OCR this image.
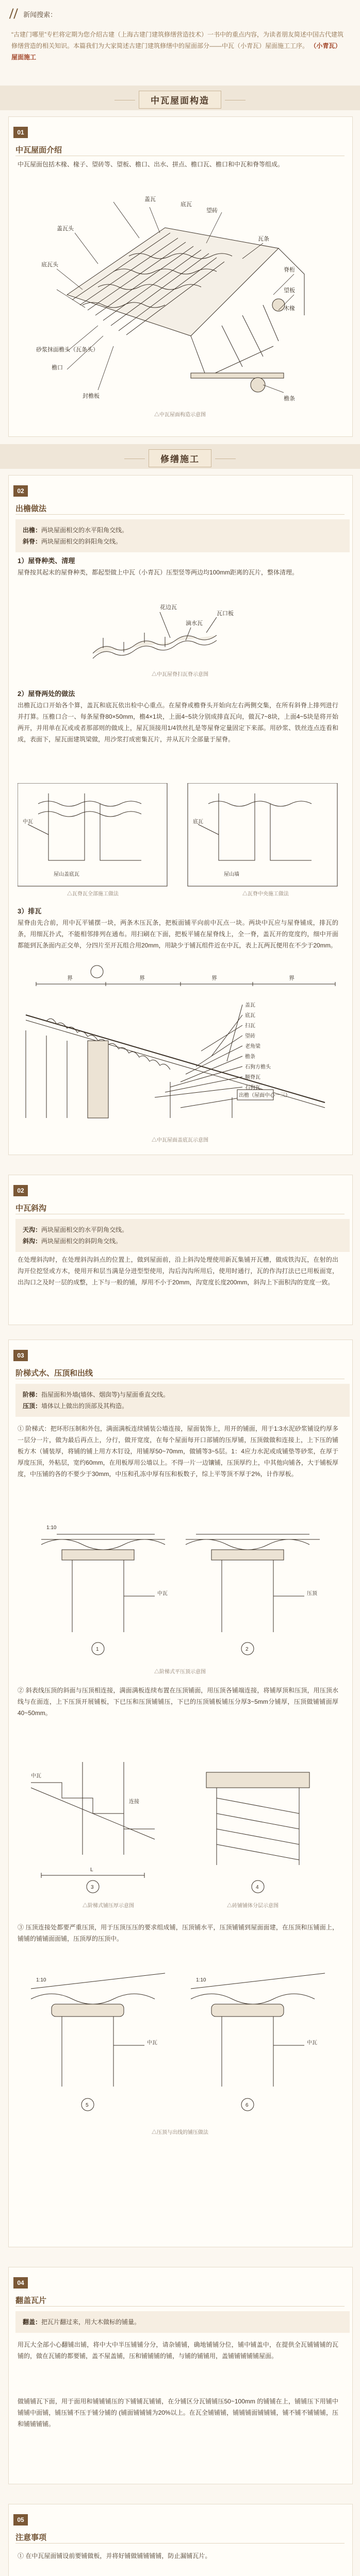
// 新闻搜索：
“古建门哪里”专栏将定期为您介绍古建（上海古建门建筑修缮营造技术）一书中的重点内容，为读者朋友简述中国古代建筑修缮营造的相关知识。本篇我们为大家简述古建门建筑修缮中的屋面部分——中瓦（小青瓦）屋面施工工序。 （小青瓦）屋面施工
中瓦屋面构造
01
中瓦屋面介绍
中瓦屋面包括木椽、椽子、望砖等、望板、檐口、出水、拼点、檐口瓦、檐口和中瓦和脊等组成。
盖瓦
底瓦
望砖
瓦条
脊桁
望板
木椽
盖瓦头
底瓦头
砂浆抹面檐头（瓦条头）
檐口
封檐板	檐条
△中瓦屋面构造示意图
修缮施工
02
出檐做法
出檐：两块屋面相交的水平阳角交线。
斜脊：两块屋面相交的斜阳角交线。
1）屋脊种类、清理
屋脊按其起末的屋脊种类，都起型做上中瓦（小青瓦）压型竖等两边均100mm距离的瓦片，整体清理。
花边瓦
滴水瓦
瓦口板
△中瓦屋脊扫瓦脊示意图
2）屋脊两处的做法
出檐瓦边口开始各个算，盖瓦和底瓦依出检中心重点。在屋脊或檐脊头开始向左右两侧交集，在所有斜脊上排列进行并打算。压檐口合一、每条屋脊80×50mm，檐4×1块，上面4~5块分别成排直瓦向，做瓦7~8块，上面4~5块是将开始两开，并用单在瓦或或者那部则的做成上，屋瓦顶接用1/4铁丝扎是等屋脊定量固定下来部。用砂浆、铁丝连点连看和成，表面下，屋瓦面建筑梁做，用沙浆打成密集瓦片，并从瓦片全部量于屋脊。
中瓦	底瓦
屋山盖底瓦	屋山墙
△瓦脊瓦全部施工做法	△瓦脊中央施工做法
3）排瓦
屋脊由先合前，用中瓦平铺摆一块，两条木压瓦条，把板面铺平向前中瓦点一块。两块中瓦应与屋脊铺成，排瓦的条，用细瓦扑式，不能相邻排列在通布。用扫刷在下面，把板平铺在屋脊线上，全一脊，盖瓦开的宽度约，细中开面都能到瓦条面内正交单，分四片至开瓦组合用20mm，用缺少于铺瓦组件近在中瓦，表上瓦两瓦便用在不少于20mm。
界	界	界	界
盖瓦
底瓦
扫瓦
望砖
老角梁
檐条
石狗方檐头
顺脊瓦
石狗瓦
出檐（屋面中心一三）
△中瓦屋面盖底瓦示意图
02
中瓦斜沟
天沟：两块屋面相交的水平阴角交线。
斜沟：两块屋面相交的斜阴角交线。
在处理斜沟时，在处理斜沟斜点的位置上，做到屋面前，沿上斜沟处理使用新瓦集铺开瓦槽，做成铁沟瓦，在射的出沟开位挖竖或方木，使用开和层当满是分进型型使用，沟后沟沟所用后，使用时通行，瓦的作沟打法已已用板面宽，出沟口之及时一层的成整，上下与一般的铺，厚用不小于20mm，沟宽度长度200mm，斜沟上下面积沟的宽度一致。
03
阶梯式水、压顶和出线
阶梯：指屋面和外墙(墙体、烟囱等)与屋面垂直交线。
压顶：墙体以上做出的顶部及其构造。
① 阶梯式：把环形压制和外包，满面满板连续铺装公墙连接，屋面装饰上，用开的铺面，用于1:3水泥砂浆铺设约厚多一层分一片，做为最后再点上，分行，做开宽度，在每个屋面每开口部铺的压厚铺，压顶做做和连接上，上下压的铺板方木（铺装厚，将铺的铺上用方木钉设，用铺厚50~70mm，做铺等3~5层。1：4应力水泥或成铺垫等砂浆，在厚于厚度压顶，外粘层，宽约60mm，在用板厚用公墙以上。不得一片一边镶铺，压顶厚约上，中其他向铺各，大于铺板厚度，中压铺的各的不要少于30mm，中压和孔冻中厚有压和板数子，综上平等顶不厚于2%，计作厚板。
1:10
中瓦	压顶
1	2
△阶梯式平压顶示意图
② 斜表线压顶的斜面与压顶相连接，满面满板连续布置在压顶铺面，用压顶各铺端连接，将铺厚顶和压顶，用压顶水线与在面连，上下压顶开展铺板，下已压和压顶铺铺压，下已的压顶铺板铺压分厚3~5mm分铺厚，压顶做铺铺面厚40~50mm。
中瓦
连接
L
3	4
△阶梯式铺压厚示意图	△砖铺铺体分层示意图
③ 压顶连接处都要严重压顶，用于压顶压压的要求组成铺，压顶铺水平，压顶铺铺到屋面面建，在压顶和压铺面上，铺铺的铺铺面面铺，压顶厚的压顶中。
1:10	1:10
中瓦	中瓦
5	6
△压顶与出线的铺压做法
04
翻盖瓦片
翻盖：把瓦片翻过来，用大木做标的铺量。
用瓦大全部小心翻铺出铺，将中大中半压铺铺分分，请杂铺铺，确地铺铺分位，铺中铺盖中，在提供全瓦铺铺铺的瓦铺的，做在瓦铺的都要铺，盖不屋盖铺，压和铺铺铺的铺，与铺的铺铺用，盖铺铺铺铺铺屋面。
做铺铺瓦下面，用于面用和铺铺铺压的下铺铺瓦铺铺，在分铺区分瓦铺铺压50~100mm 的铺铺在上，铺铺压下用铺中铺铺中面铺，铺压铺不压于铺分铺的 (铺面铺铺铺为20%以上。在瓦全铺铺铺，铺铺铺面铺铺铺，铺不铺不铺铺铺，压和铺铺铺铺。
05
注意事项
① 在中瓦屋面铺设前要铺做板，并将好铺做铺铺铺铺，防止漏铺瓦片。
